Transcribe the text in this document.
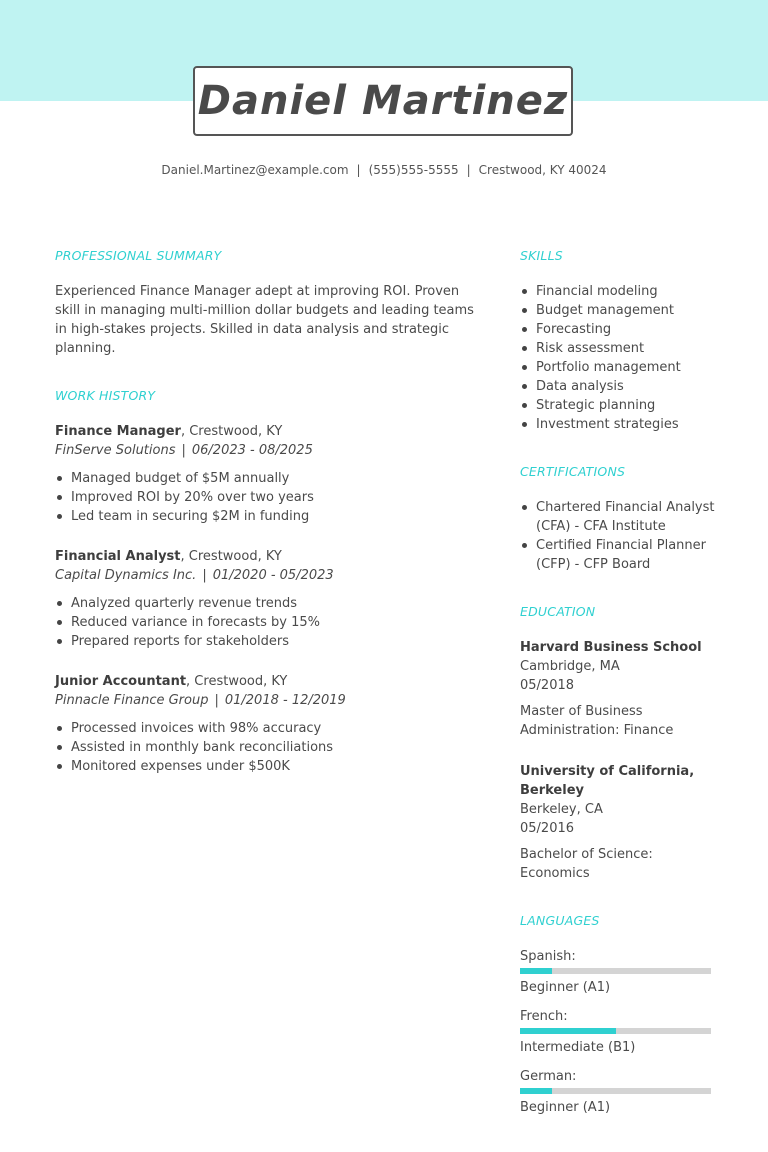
Daniel Martinez
Daniel.Martinez@example.com | (555)555-5555 | Crestwood, KY 40024
PROFESSIONAL SUMMARY

Experienced Finance Manager adept at improving ROI. Proven skill in managing multi-million dollar budgets and leading teams in high-stakes projects. Skilled in data analysis and strategic planning.

WORK HISTORY
Finance Manager, Crestwood, KY
FinServe Solutions | 06/2023 - 08/2025
Managed budget of $5M annually
Improved ROI by 20% over two years
Led team in securing $2M in funding
Financial Analyst, Crestwood, KY
Capital Dynamics Inc. | 01/2020 - 05/2023
Analyzed quarterly revenue trends
Reduced variance in forecasts by 15%
Prepared reports for stakeholders
Junior Accountant, Crestwood, KY
Pinnacle Finance Group | 01/2018 - 12/2019
Processed invoices with 98% accuracy
Assisted in monthly bank reconciliations
Monitored expenses under $500K
SKILLS
Financial modeling
Budget management
Forecasting
Risk assessment
Portfolio management
Data analysis
Strategic planning
Investment strategies
CERTIFICATIONS
Chartered Financial Analyst (CFA) - CFA Institute
Certified Financial Planner (CFP) - CFP Board
EDUCATION
Harvard Business School
Cambridge, MA
05/2018
Master of Business Administration: Finance
University of California, Berkeley
Berkeley, CA
05/2016
Bachelor of Science: Economics
LANGUAGES
Spanish:
Beginner (A1)
French:
Intermediate (B1)
German:
Beginner (A1)
